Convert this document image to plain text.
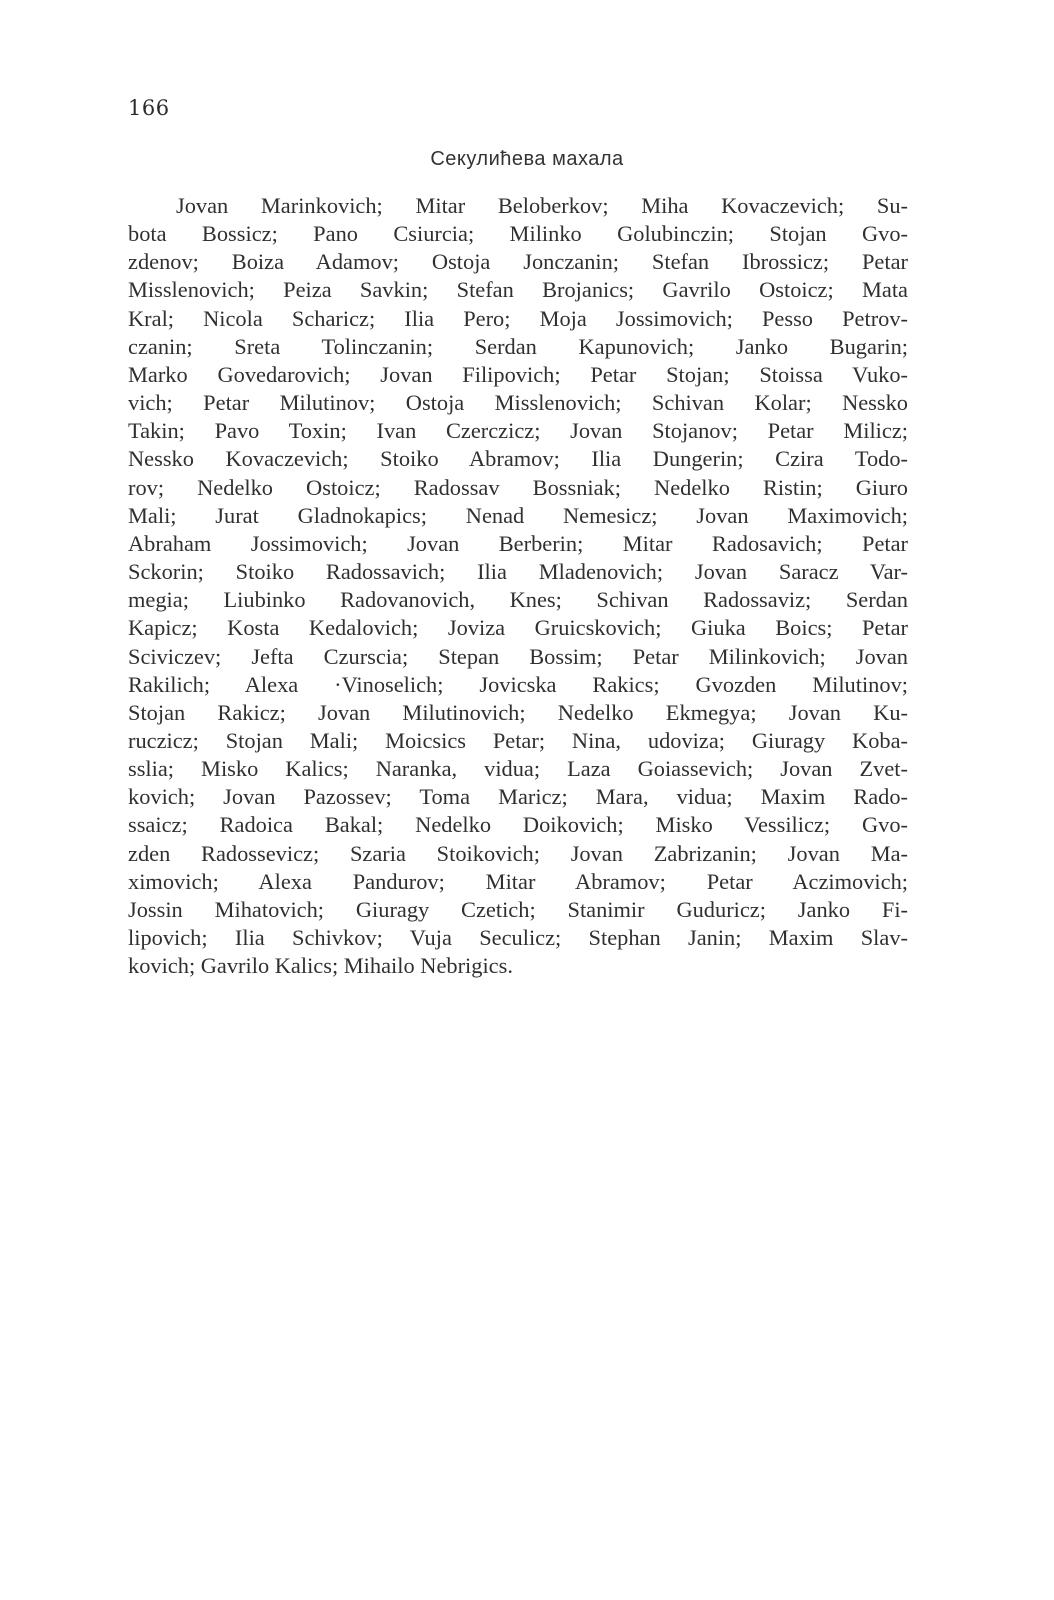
166
Секулићева махала
Jovan Marinkovich; Mitar Beloberkov; Miha Kovaczevich; Su-
bota Bossicz; Pano Csiurcia; Milinko Golubinczin; Stojan Gvo-
zdenov; Boiza Adamov; Ostoja Jonczanin; Stefan Ibrossicz; Petar
Misslenovich; Peiza Savkin; Stefan Brojanics; Gavrilo Ostoicz; Mata
Kral; Nicola Scharicz; Ilia Pero; Moja Jossimovich; Pesso Petrov-
czanin; Sreta Tolinczanin; Serdan Kapunovich; Janko Bugarin;
Marko Govedarovich; Jovan Filipovich; Petar Stojan; Stoissa Vuko-
vich; Petar Milutinov; Ostoja Misslenovich; Schivan Kolar; Nessko
Takin; Pavo Toxin; Ivan Czerczicz; Jovan Stojanov; Petar Milicz;
Nessko Kovaczevich; Stoiko Abramov; Ilia Dungerin; Czira Todo-
rov; Nedelko Ostoicz; Radossav Bossniak; Nedelko Ristin; Giuro
Mali; Jurat Gladnokapics; Nenad Nemesicz; Jovan Maximovich;
Abraham Jossimovich; Jovan Berberin; Mitar Radosavich; Petar
Sckorin; Stoiko Radossavich; Ilia Mladenovich; Jovan Saracz Var-
megia; Liubinko Radovanovich, Knes; Schivan Radossaviz; Serdan
Kapicz; Kosta Kedalovich; Joviza Gruicskovich; Giuka Boics; Petar
Sciviczev; Jefta Czurscia; Stepan Bossim; Petar Milinkovich; Jovan
Rakilich; Alexa ·Vinoselich; Jovicska Rakics; Gvozden Milutinov;
Stojan Rakicz; Jovan Milutinovich; Nedelko Ekmegya; Jovan Ku-
ruczicz; Stojan Mali; Moicsics Petar; Nina, udoviza; Giuragy Koba-
sslia; Misko Kalics; Naranka, vidua; Laza Goiassevich; Jovan Zvet-
kovich; Jovan Pazossev; Toma Maricz; Mara, vidua; Maxim Rado-
ssaicz; Radoica Bakal; Nedelko Doikovich; Misko Vessilicz; Gvo-
zden Radossevicz; Szaria Stoikovich; Jovan Zabrizanin; Jovan Ma-
ximovich; Alexa Pandurov; Mitar Abramov; Petar Aczimovich;
Jossin Mihatovich; Giuragy Czetich; Stanimir Guduricz; Janko Fi-
lipovich; Ilia Schivkov; Vuja Seculicz; Stephan Janin; Maxim Slav-
kovich; Gavrilo Kalics; Mihailo Nebrigics.
